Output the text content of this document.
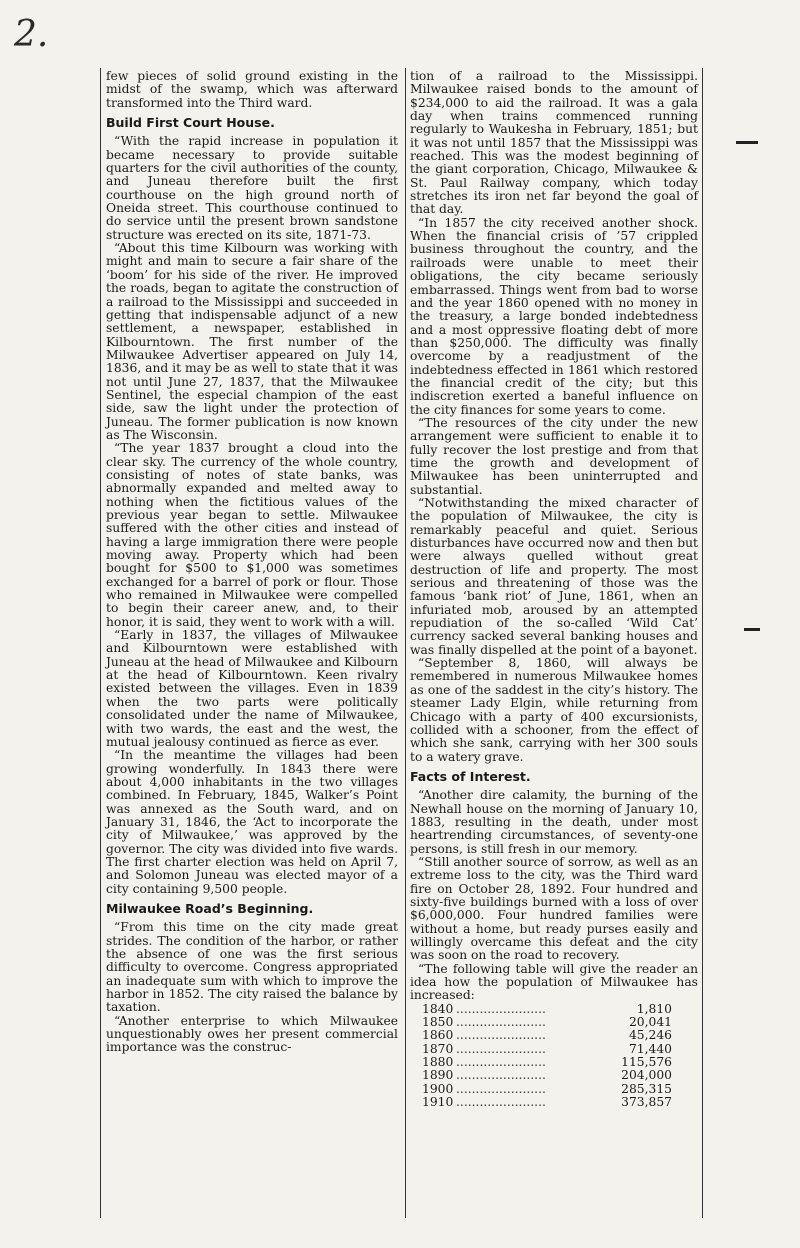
2.

few pieces of solid ground existing in the midst of the swamp, which was afterward transformed into the Third ward.

Build First Court House.

“With the rapid increase in population it became necessary to provide suitable quarters for the civil authorities of the county, and Juneau therefore built the first courthouse on the high ground north of Oneida street. This courthouse continued to do service until the present brown sandstone structure was erected on its site, 1871-73.

“About this time Kilbourn was working with might and main to secure a fair share of the ‘boom’ for his side of the river. He improved the roads, began to agitate the construction of a railroad to the Mississippi and succeeded in getting that indispensable adjunct of a new settlement, a newspaper, established in Kilbourntown. The first number of the Milwaukee Advertiser appeared on July 14, 1836, and it may be as well to state that it was not until June 27, 1837, that the Milwaukee Sentinel, the especial champion of the east side, saw the light under the protection of Juneau. The former publication is now known as The Wisconsin.

“The year 1837 brought a cloud into the clear sky. The currency of the whole country, consisting of notes of state banks, was abnormally expanded and melted away to nothing when the fictitious values of the previous year began to settle. Milwaukee suffered with the other cities and instead of having a large immigration there were people moving away. Property which had been bought for $500 to $1,000 was sometimes exchanged for a barrel of pork or flour. Those who remained in Milwaukee were compelled to begin their career anew, and, to their honor, it is said, they went to work with a will.

“Early in 1837, the villages of Milwaukee and Kilbourntown were established with Juneau at the head of Milwaukee and Kilbourn at the head of Kilbourntown. Keen rivalry existed between the villages. Even in 1839 when the two parts were politically consolidated under the name of Milwaukee, with two wards, the east and the west, the mutual jealousy continued as fierce as ever.

“In the meantime the villages had been growing wonderfully. In 1843 there were about 4,000 inhabitants in the two villages combined. In February, 1845, Walker’s Point was annexed as the South ward, and on January 31, 1846, the ‘Act to incorporate the city of Milwaukee,’ was approved by the governor. The city was divided into five wards. The first charter election was held on April 7, and Solomon Juneau was elected mayor of a city containing 9,500 people.

Milwaukee Road’s Beginning.

“From this time on the city made great strides. The condition of the harbor, or rather the absence of one was the first serious difficulty to overcome. Congress appropriated an inadequate sum with which to improve the harbor in 1852. The city raised the balance by taxation.

“Another enterprise to which Milwaukee unquestionably owes her present commercial importance was the construc-

tion of a railroad to the Mississippi. Milwaukee raised bonds to the amount of $234,000 to aid the railroad. It was a gala day when trains commenced running regularly to Waukesha in February, 1851; but it was not until 1857 that the Mississippi was reached. This was the modest beginning of the giant corporation, Chicago, Milwaukee & St. Paul Railway company, which today stretches its iron net far beyond the goal of that day.

“In 1857 the city received another shock. When the financial crisis of ’57 crippled business throughout the country, and the railroads were unable to meet their obligations, the city became seriously embarrassed. Things went from bad to worse and the year 1860 opened with no money in the treasury, a large bonded indebtedness and a most oppressive floating debt of more than $250,000. The difficulty was finally overcome by a readjustment of the indebtedness effected in 1861 which restored the financial credit of the city; but this indiscretion exerted a baneful influence on the city finances for some years to come.

“The resources of the city under the new arrangement were sufficient to enable it to fully recover the lost prestige and from that time the growth and development of Milwaukee has been uninterrupted and substantial.

“Notwithstanding the mixed character of the population of Milwaukee, the city is remarkably peaceful and quiet. Serious disturbances have occurred now and then but were always quelled without great destruction of life and property. The most serious and threatening of those was the famous ‘bank riot’ of June, 1861, when an infuriated mob, aroused by an attempted repudiation of the so-called ‘Wild Cat’ currency sacked several banking houses and was finally dispelled at the point of a bayonet.

“September 8, 1860, will always be remembered in numerous Milwaukee homes as one of the saddest in the city’s history. The steamer Lady Elgin, while returning from Chicago with a party of 400 excursionists, collided with a schooner, from the effect of which she sank, carrying with her 300 souls to a watery grave.

Facts of Interest.

“Another dire calamity, the burning of the Newhall house on the morning of January 10, 1883, resulting in the death, under most heartrending circumstances, of seventy-one persons, is still fresh in our memory.

“Still another source of sorrow, as well as an extreme loss to the city, was the Third ward fire on October 28, 1892. Four hundred and sixty-five buildings burned with a loss of over $6,000,000. Four hundred families were without a home, but ready purses easily and willingly overcame this defeat and the city was soon on the road to recovery.

“The following table will give the reader an idea how the population of Milwaukee has increased:

1840	.......................	1,810
1850	.......................	20,041
1860	.......................	45,246
1870	.......................	71,440
1880	.......................	115,576
1890	.......................	204,000
1900	.......................	285,315
1910	.......................	373,857
